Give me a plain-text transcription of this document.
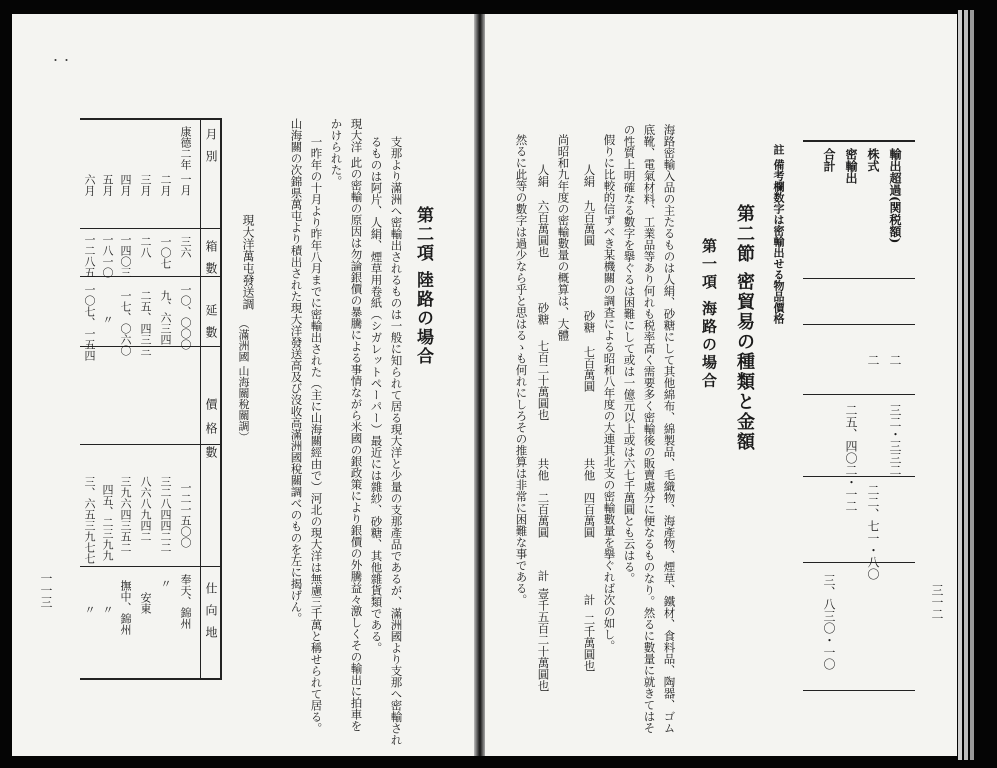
・・
月別
箱數
延數
價格數
仕向地
康德二年 一月
三六
一〇、〇〇〇
一二一五〇〇
奉天、錦州
二月
一〇七
九、六三四
三二八四四二二
〃
三月
二八
二五、四三三
八六八九四二
安東
四月
一四〇三
一七、〇六〇
三九六四三五二
撫中、錦州
五月
一八一〇
〃
四五、二三九九
〃
六月
一二八五
一〇七、一五四
三、六五三九七七
〃
一一三
現大洋萬屯發送調
（滿洲國 山海關稅關調）	支那より滿洲へ密輸出されるものは一般に知られて居る現大洋と少量の支那產品であるが、滿洲國より支那へ密輸され
るものは阿片、人絹、煙草用卷紙（シガレットペーパー）最近には雜紗、砂糖、其他雜貨類である。
現大洋 此の密輸の原因は勿論銀價の暴騰による事情ながら米國の銀政策により銀價の外騰益々激しくその輸出に拍車を
かけられた。
一昨年の十月より昨年八月までに密輸出された（主に山海關經由で）河北の現大洋は無慮三千萬と稱せられて居る。
山海關の次錦県萬屯より積出された現大洋發送高及び沒收高滿洲國稅關調べのものを左に揭げん。	第二項 陸路の場合
三一二
輸出超過(関税額)
二
三二・三三二
株式
二
二二、七一・八〇
密輸出
二五、四〇二・一二
合計
三、八三〇・一〇
註 備考欄数字は密輸出せる物品價格
第二節 密貿易の種類と金額
第一項 海路の場合
海路密輸入品の主たるものは人絹、砂糖にして其他綿布、綿製品、毛織物、海產物、煙草、鐵材、食料品、陶器、ゴム
底靴、電氣材料、工業品等あり何れも税率高く需要多く密輸後の販賣處分に便なるものなり。然るに數量に就きてはそ
の性質上明確なる數字を擧ぐるは困難にして或は一億元以上或は六七千萬圓とも云はる。
假りに比較的信ずべき某機關の調査による昭和八年度の大連其北支の密輸數量を擧ぐれば次の如し。
人絹
九百萬圓
砂糖
七百萬圓
共他
四百萬圓
計
二千萬圓也
尚昭和九年度の密輸數量の概算は、大體
人絹
六百萬圓也
砂糖
七百二十萬圓也
共他
二百萬圓
計
壹千五百二十萬圓也
然るに此等の數字は過少なら乎と思はるゝも何れにしろその推算は非常に困難な事である。
